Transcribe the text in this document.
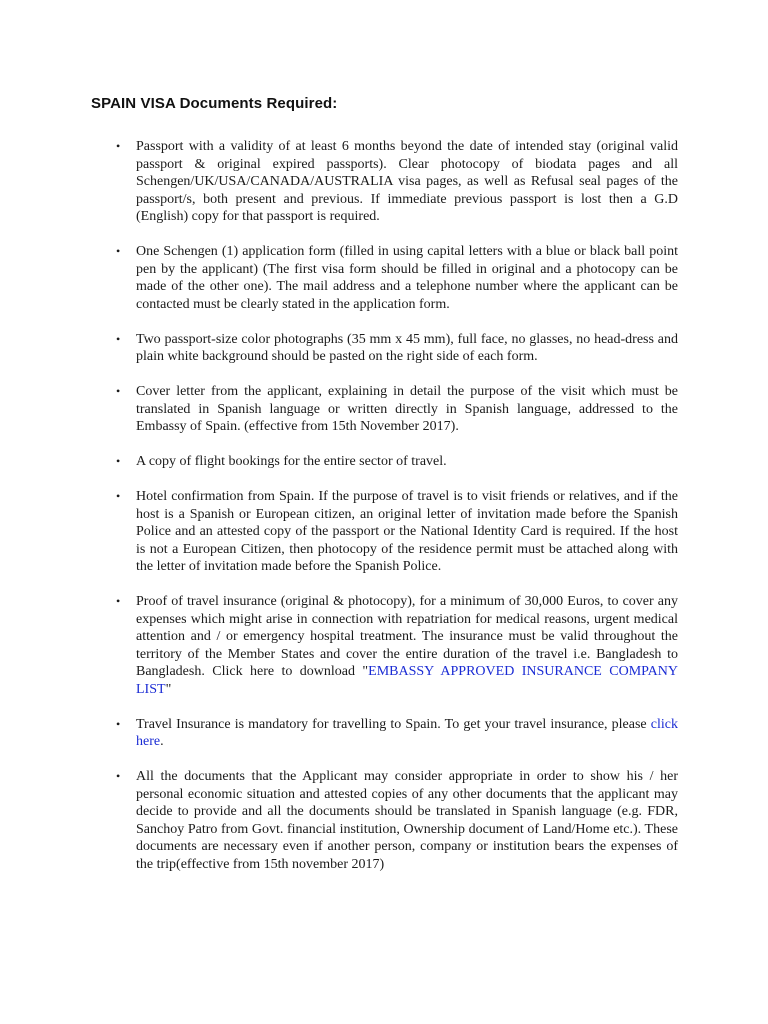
SPAIN VISA Documents Required:
• Passport with a validity of at least 6 months beyond the date of intended stay (original valid passport & original expired passports). Clear photocopy of biodata pages and all Schengen/UK/USA/CANADA/AUSTRALIA visa pages, as well as Refusal seal pages of the passport/s, both present and previous. If immediate previous passport is lost then a G.D (English) copy for that passport is required.
• One Schengen (1) application form (filled in using capital letters with a blue or black ball point pen by the applicant) (The first visa form should be filled in original and a photocopy can be made of the other one). The mail address and a telephone number where the applicant can be contacted must be clearly stated in the application form.
• Two passport-size color photographs (35 mm x 45 mm), full face, no glasses, no head-dress and plain white background should be pasted on the right side of each form.
• Cover letter from the applicant, explaining in detail the purpose of the visit which must be translated in Spanish language or written directly in Spanish language, addressed to the Embassy of Spain. (effective from 15th November 2017).
• A copy of flight bookings for the entire sector of travel.
• Hotel confirmation from Spain. If the purpose of travel is to visit friends or relatives, and if the host is a Spanish or European citizen, an original letter of invitation made before the Spanish Police and an attested copy of the passport or the National Identity Card is required. If the host is not a European Citizen, then photocopy of the residence permit must be attached along with the letter of invitation made before the Spanish Police.
• Proof of travel insurance (original & photocopy), for a minimum of 30,000 Euros, to cover any expenses which might arise in connection with repatriation for medical reasons, urgent medical attention and / or emergency hospital treatment. The insurance must be valid throughout the territory of the Member States and cover the entire duration of the travel i.e. Bangladesh to Bangladesh. Click here to download "EMBASSY APPROVED INSURANCE COMPANY LIST"
• Travel Insurance is mandatory for travelling to Spain. To get your travel insurance, please click here.
• All the documents that the Applicant may consider appropriate in order to show his / her personal economic situation and attested copies of any other documents that the applicant may decide to provide and all the documents should be translated in Spanish language (e.g. FDR, Sanchoy Patro from Govt. financial institution, Ownership document of Land/Home etc.). These documents are necessary even if another person, company or institution bears the expenses of the trip(effective from 15th november 2017)
